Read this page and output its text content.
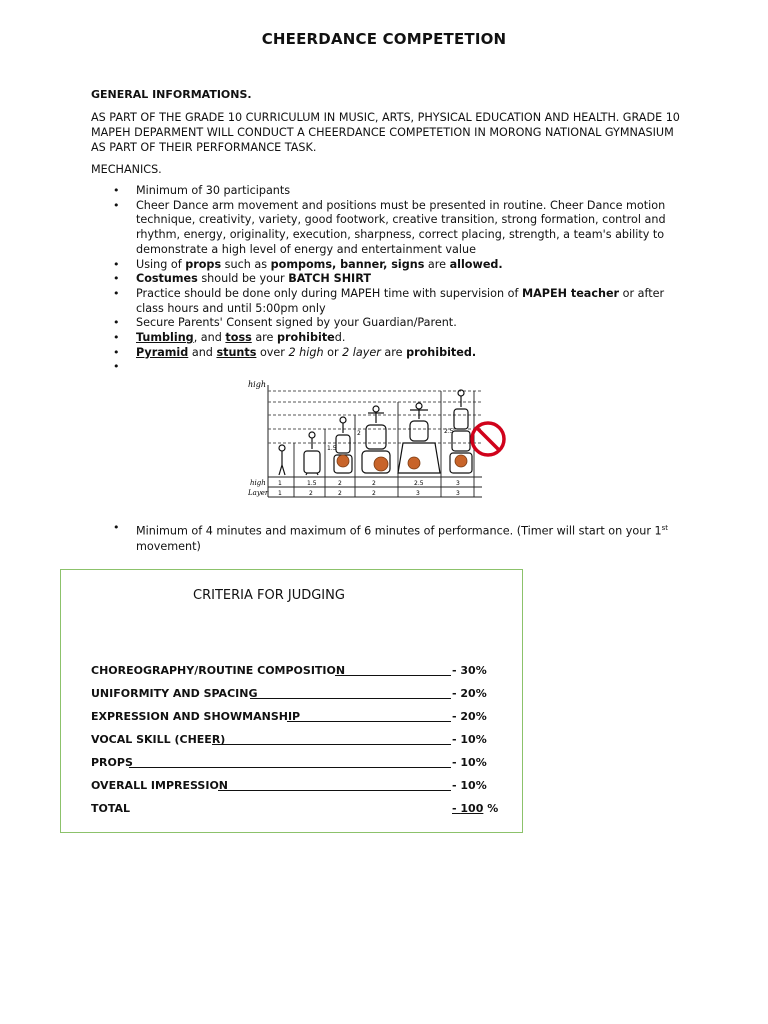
CHEERDANCE COMPETETION
GENERAL INFORMATIONS.
AS PART OF THE GRADE 10 CURRICULUM IN MUSIC, ARTS, PHYSICAL EDUCATION AND HEALTH. GRADE 10 MAPEH DEPARMENT WILL CONDUCT A CHEERDANCE COMPETETION IN MORONG NATIONAL GYMNASIUM AS PART OF THEIR PERFORMANCE TASK.
MECHANICS.
• Minimum of 30 participants
• Cheer Dance arm movement and positions must be presented in routine. Cheer Dance motion technique, creativity, variety, good footwork, creative transition, strong formation, control and rhythm, energy, originality, execution, sharpness, correct placing, strength, a team's ability to demonstrate a high level of energy and entertainment value
• Using of props such as pompoms, banner, signs are allowed.
• Costumes should be your BATCH SHIRT
• Practice should be done only during MAPEH time with supervision of MAPEH teacher or after class hours and until 5:00pm only
• Secure Parents' Consent signed by your Guardian/Parent.
• Tumbling, and toss are prohibited.
• Pyramid and stunts over 2 high or 2 layer are prohibited.
•

high
1.5
2	2.5
high
Layer
1	1.5	2	2	2.5	3
1	2	2	2	3	3
• Minimum of 4 minutes and maximum of 6 minutes of performance. (Timer will start on your 1st movement)
CRITERIA FOR JUDGING
CHOREOGRAPHY/ROUTINE COMPOSITION	- 30%
UNIFORMITY AND SPACING	- 20%
EXPRESSION AND SHOWMANSHIP	- 20%
VOCAL SKILL (CHEER)	- 10%
PROPS	- 10%
OVERALL IMPRESSION	- 10%
TOTAL	- 100 %
